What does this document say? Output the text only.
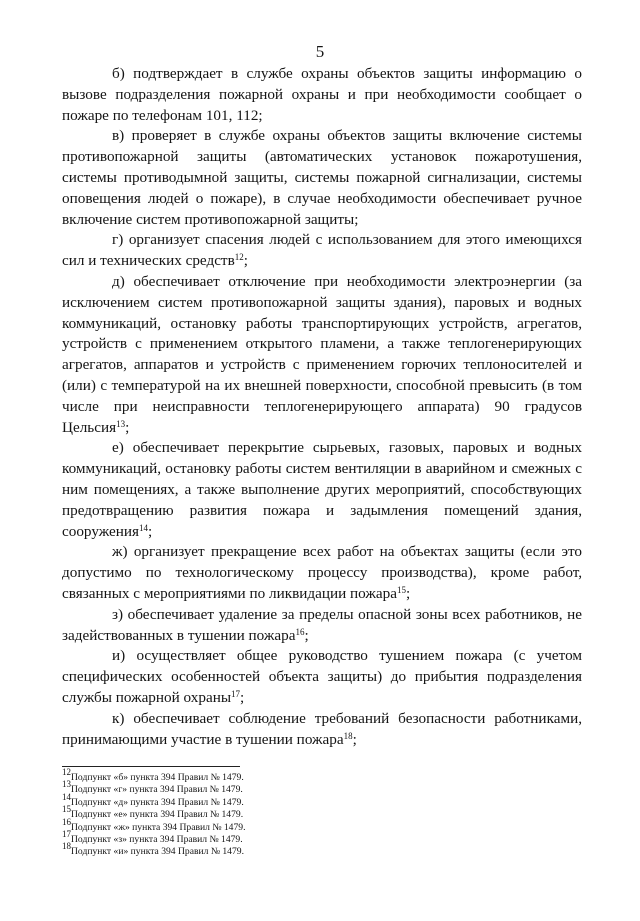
5

б) подтверждает в службе охраны объектов защиты информацию о вызове подразделения пожарной охраны и при необходимости сообщает о пожаре по телефонам 101, 112;

в) проверяет в службе охраны объектов защиты включение системы противопожарной защиты (автоматических установок пожаротушения, системы противодымной защиты, системы пожарной сигнализации, системы оповещения людей о пожаре), в случае необходимости обеспечивает ручное включение систем противопожарной защиты;

г) организует спасения людей с использованием для этого имеющихся сил и технических средств$^{12}$;

д) обеспечивает отключение при необходимости электроэнергии (за исключением систем противопожарной защиты здания), паровых и водных коммуникаций, остановку работы транспортирующих устройств, агрегатов, устройств с применением открытого пламени, а также теплогенерирующих агрегатов, аппаратов и устройств с применением горючих теплоносителей и (или) с температурой на их внешней поверхности, способной превысить (в том числе при неисправности теплогенерирующего аппарата) 90 градусов Цельсия$^{13}$;

е) обеспечивает перекрытие сырьевых, газовых, паровых и водных коммуникаций, остановку работы систем вентиляции в аварийном и смежных с ним помещениях, а также выполнение других мероприятий, способствующих предотвращению развития пожара и задымления помещений здания, сооружения$^{14}$;

ж) организует прекращение всех работ на объектах защиты (если это допустимо по технологическому процессу производства), кроме работ, связанных с мероприятиями по ликвидации пожара$^{15}$;

з) обеспечивает удаление за пределы опасной зоны всех работников, не задействованных в тушении пожара$^{16}$;

и) осуществляет общее руководство тушением пожара (с учетом специфических особенностей объекта защиты) до прибытия подразделения службы пожарной охраны$^{17}$;

к) обеспечивает соблюдение требований безопасности работниками, принимающими участие в тушении пожара$^{18}$;

$^{12}$Подпункт «б» пункта 394 Правил № 1479.

$^{13}$Подпункт «г» пункта 394 Правил № 1479.

$^{14}$Подпункт «д» пункта 394 Правил № 1479.

$^{15}$Подпункт «е» пункта 394 Правил № 1479.

$^{16}$Подпункт «ж» пункта 394 Правил № 1479.

$^{17}$Подпункт «з» пункта 394 Правил № 1479.

$^{18}$Подпункт «и» пункта 394 Правил № 1479.
